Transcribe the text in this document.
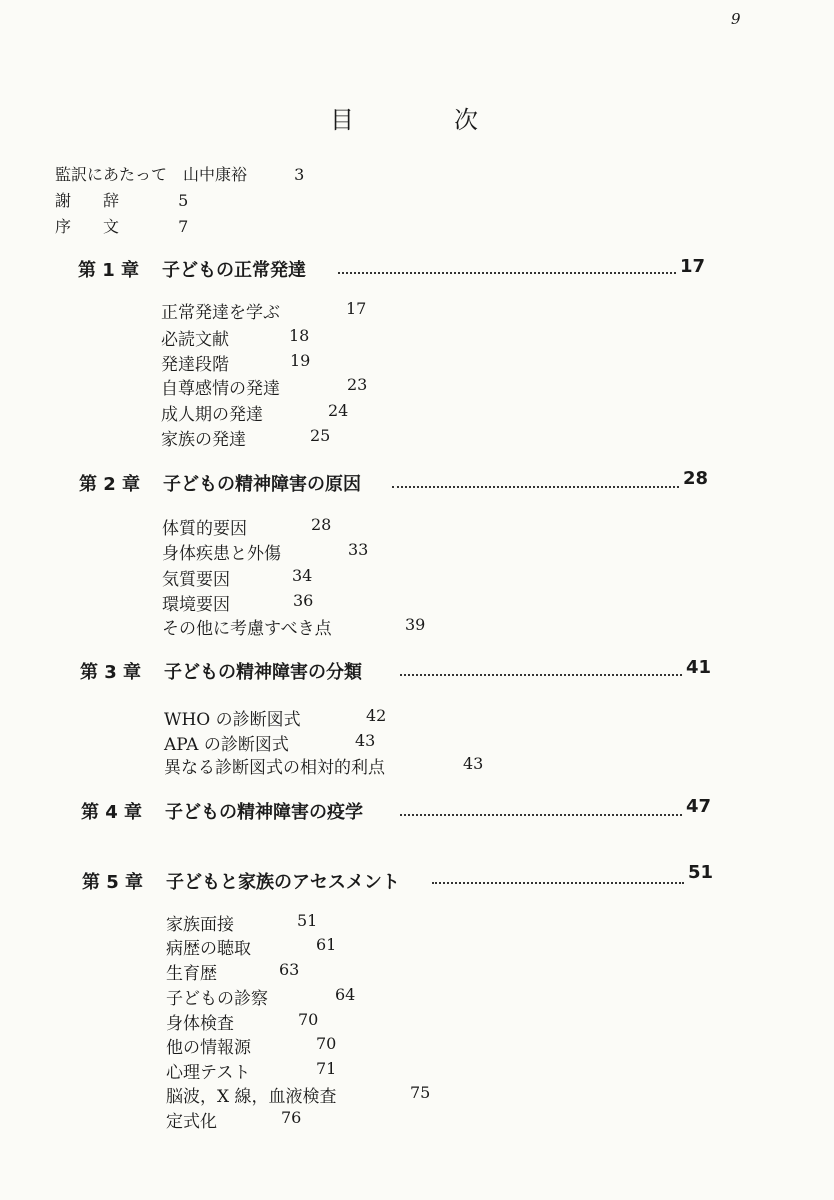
9
目　次
監訳にあたって　山中康裕	3
謝　　辞	5
序　　文	7
第 1 章 子どもの正常発達	17
正常発達を学ぶ	17
必読文献	18
発達段階	19
自尊感情の発達	23
成人期の発達	24
家族の発達	25
第 2 章 子どもの精神障害の原因	28
体質的要因	28
身体疾患と外傷	33
気質要因	34
環境要因	36
その他に考慮すべき点	39
第 3 章 子どもの精神障害の分類	41
WHO の診断図式	42
APA の診断図式	43
異なる診断図式の相対的利点	43
第 4 章 子どもの精神障害の疫学	47
第 5 章 子どもと家族のアセスメント	51
家族面接	51
病歴の聴取	61
生育歴	63
子どもの診察	64
身体検査	70
他の情報源	70
心理テスト	71
脳波，X 線，血液検査	75
定式化	76
